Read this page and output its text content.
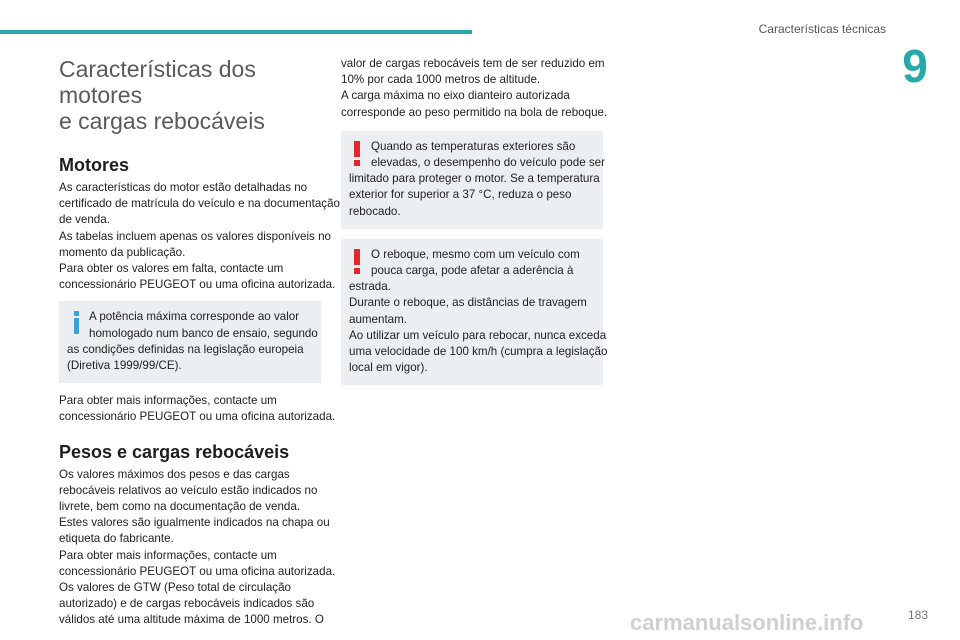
Características técnicas
9
Características dos motores
e cargas rebocáveis
Motores

As características do motor estão detalhadas no
certificado de matrícula do veículo e na documentação
de venda.
As tabelas incluem apenas os valores disponíveis no
momento da publicação.
Para obter os valores em falta, contacte um
concessionário PEUGEOT ou uma oficina autorizada.

A potência máxima corresponde ao valor
homologado num banco de ensaio, segundo
as condições definidas na legislação europeia
(Diretiva 1999/99/CE).

Para obter mais informações, contacte um
concessionário PEUGEOT ou uma oficina autorizada.

Pesos e cargas rebocáveis

Os valores máximos dos pesos e das cargas
rebocáveis relativos ao veículo estão indicados no
livrete, bem como na documentação de venda.
Estes valores são igualmente indicados na chapa ou
etiqueta do fabricante.
Para obter mais informações, contacte um
concessionário PEUGEOT ou uma oficina autorizada.
Os valores de GTW (Peso total de circulação
autorizado) e de cargas rebocáveis indicados são
válidos até uma altitude máxima de 1000 metros. O

valor de cargas rebocáveis tem de ser reduzido em
10% por cada 1000 metros de altitude.
A carga máxima no eixo dianteiro autorizada
corresponde ao peso permitido na bola de reboque.

Quando as temperaturas exteriores são
elevadas, o desempenho do veículo pode ser
limitado para proteger o motor. Se a temperatura
exterior for superior a 37 °C, reduza o peso
rebocado.
O reboque, mesmo com um veículo com
pouca carga, pode afetar a aderência à
estrada.
Durante o reboque, as distâncias de travagem
aumentam.
Ao utilizar um veículo para rebocar, nunca exceda
uma velocidade de 100 km/h (cumpra a legislação
local em vigor).
carmanualsonline.info	183
